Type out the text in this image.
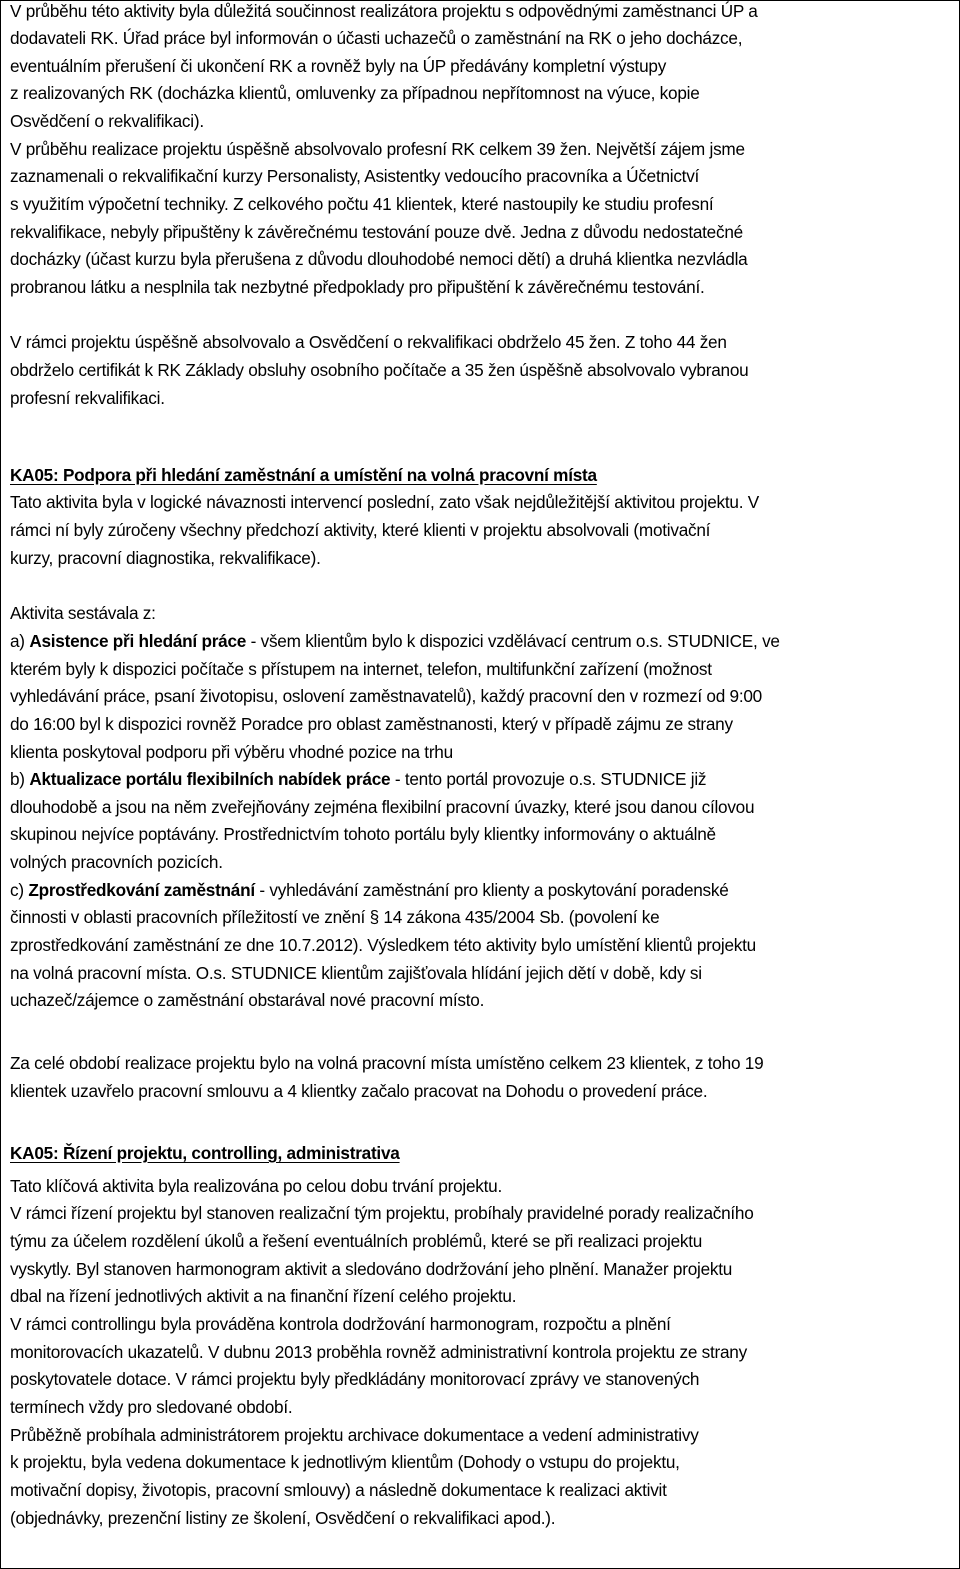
V průběhu této aktivity byla důležitá součinnost realizátora projektu s odpovědnými zaměstnanci ÚP a
dodavateli RK. Úřad práce byl informován o účasti uchazečů o zaměstnání na RK o jeho docházce,
eventuálním přerušení či ukončení RK a rovněž byly na ÚP předávány kompletní výstupy
z realizovaných RK (docházka klientů, omluvenky za případnou nepřítomnost na výuce, kopie
Osvědčení o rekvalifikaci).
V průběhu realizace projektu úspěšně absolvovalo profesní RK celkem 39 žen. Největší zájem jsme
zaznamenali o rekvalifikační kurzy Personalisty, Asistentky vedoucího pracovníka a Účetnictví
s využitím výpočetní techniky. Z celkového počtu 41 klientek, které nastoupily ke studiu profesní
rekvalifikace, nebyly připuštěny k závěrečnému testování pouze dvě. Jedna z důvodu nedostatečné
docházky (účast kurzu byla přerušena z důvodu dlouhodobé nemoci dětí) a druhá klientka nezvládla
probranou látku a nesplnila tak nezbytné předpoklady pro připuštění k závěrečnému testování.
V rámci projektu úspěšně absolvovalo a Osvědčení o rekvalifikaci obdrželo 45 žen. Z toho 44 žen
obdrželo certifikát k RK Základy obsluhy osobního počítače a 35 žen úspěšně absolvovalo vybranou
profesní rekvalifikaci.
KA05: Podpora při hledání zaměstnání a umístění na volná pracovní místa
Tato aktivita byla v logické návaznosti intervencí poslední, zato však nejdůležitější aktivitou projektu. V
rámci ní byly zúročeny všechny předchozí aktivity, které klienti v projektu absolvovali (motivační
kurzy, pracovní diagnostika, rekvalifikace).
Aktivita sestávala z:
a) Asistence při hledání práce - všem klientům bylo k dispozici vzdělávací centrum o.s. STUDNICE, ve
kterém byly k dispozici počítače s přístupem na internet, telefon, multifunkční zařízení (možnost
vyhledávání práce, psaní životopisu, oslovení zaměstnavatelů), každý pracovní den v rozmezí od 9:00
do 16:00 byl k dispozici rovněž Poradce pro oblast zaměstnanosti, který v případě zájmu ze strany
klienta poskytoval podporu při výběru vhodné pozice na trhu
b) Aktualizace portálu flexibilních nabídek práce - tento portál provozuje o.s. STUDNICE již
dlouhodobě a jsou na něm zveřejňovány zejména flexibilní pracovní úvazky, které jsou danou cílovou
skupinou nejvíce poptávány. Prostřednictvím tohoto portálu byly klientky informovány o aktuálně
volných pracovních pozicích.
c) Zprostředkování zaměstnání - vyhledávání zaměstnání pro klienty a poskytování poradenské
činnosti v oblasti pracovních příležitostí ve znění § 14 zákona 435/2004 Sb. (povolení ke
zprostředkování zaměstnání ze dne 10.7.2012). Výsledkem této aktivity bylo umístění klientů projektu
na volná pracovní místa. O.s. STUDNICE klientům zajišťovala hlídání jejich dětí v době, kdy si
uchazeč/zájemce o zaměstnání obstarával nové pracovní místo.
Za celé období realizace projektu bylo na volná pracovní místa umístěno celkem 23 klientek, z toho 19
klientek uzavřelo pracovní smlouvu a 4 klientky začalo pracovat na Dohodu o provedení práce.
KA05: Řízení projektu, controlling, administrativa
Tato klíčová aktivita byla realizována po celou dobu trvání projektu.
V rámci řízení projektu byl stanoven realizační tým projektu, probíhaly pravidelné porady realizačního
týmu za účelem rozdělení úkolů a řešení eventuálních problémů, které se při realizaci projektu
vyskytly. Byl stanoven harmonogram aktivit a sledováno dodržování jeho plnění. Manažer projektu
dbal na řízení jednotlivých aktivit a na finanční řízení celého projektu.
V rámci controllingu byla prováděna kontrola dodržování harmonogram, rozpočtu a plnění
monitorovacích ukazatelů. V dubnu 2013 proběhla rovněž administrativní kontrola projektu ze strany
poskytovatele dotace. V rámci projektu byly předkládány monitorovací zprávy ve stanovených
termínech vždy pro sledované období.
Průběžně probíhala administrátorem projektu archivace dokumentace a vedení administrativy
k projektu, byla vedena dokumentace k jednotlivým klientům (Dohody o vstupu do projektu,
motivační dopisy, životopis, pracovní smlouvy) a následně dokumentace k realizaci aktivit
(objednávky, prezenční listiny ze školení, Osvědčení o rekvalifikaci apod.).
